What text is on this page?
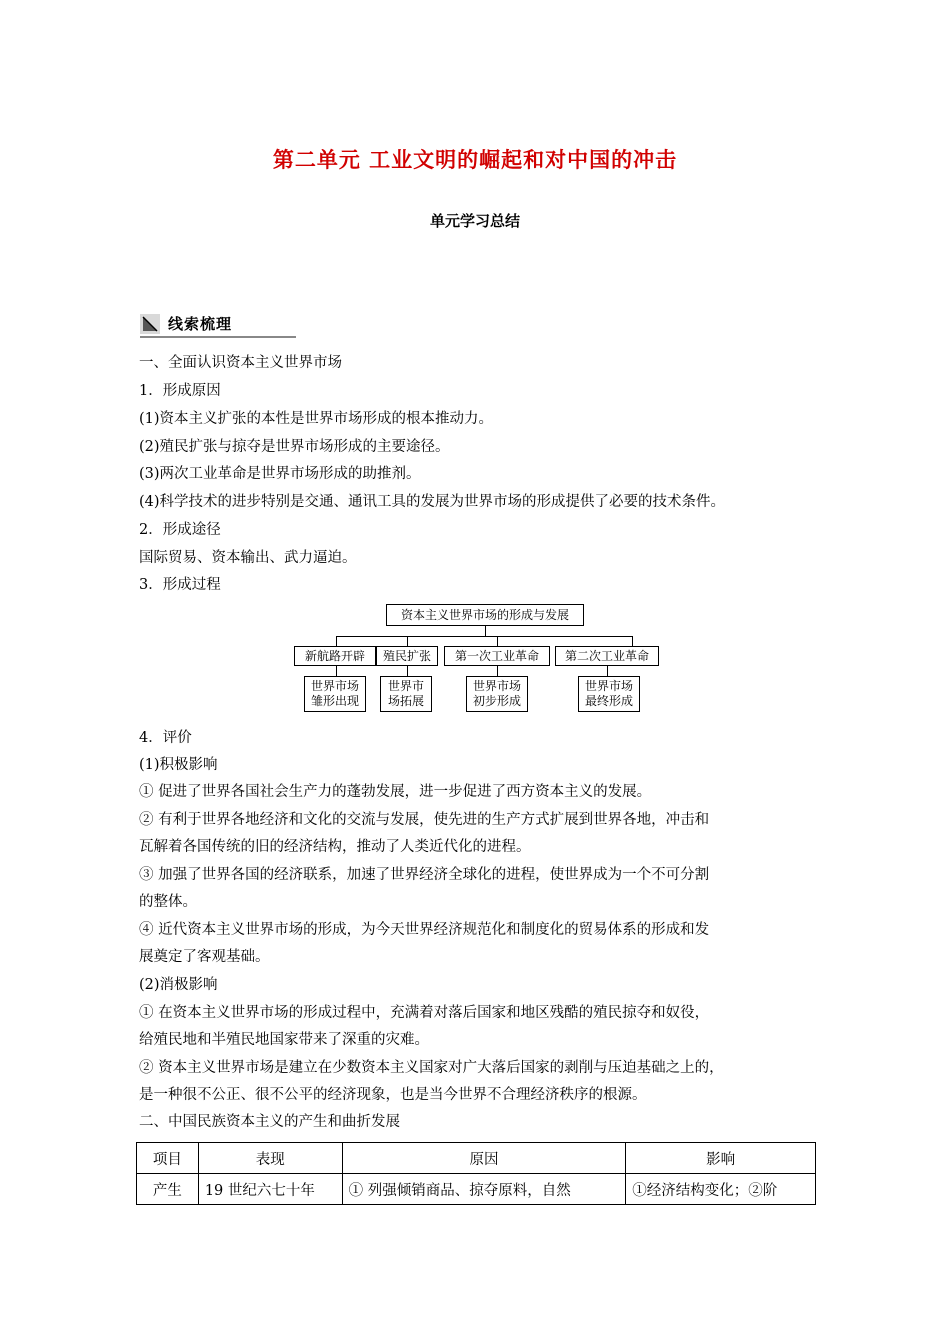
第二单元 工业文明的崛起和对中国的冲击
单元学习总结
线索梳理
一、全面认识资本主义世界市场
1．形成原因
(1)资本主义扩张的本性是世界市场形成的根本推动力。
(2)殖民扩张与掠夺是世界市场形成的主要途径。
(3)两次工业革命是世界市场形成的助推剂。
(4)科学技术的进步特别是交通、通讯工具的发展为世界市场的形成提供了必要的技术条件。
2．形成途径
国际贸易、资本输出、武力逼迫。
3．形成过程
资本主义世界市场的形成与发展
新航路开辟	殖民扩张	第一次工业革命	第二次工业革命
世界市场
雏形出现
世界市
场拓展
世界市场
初步形成
世界市场
最终形成
4．评价
(1)积极影响
① 促进了世界各国社会生产力的蓬勃发展，进一步促进了西方资本主义的发展。
② 有利于世界各地经济和文化的交流与发展，使先进的生产方式扩展到世界各地，冲击和
瓦解着各国传统的旧的经济结构，推动了人类近代化的进程。
③ 加强了世界各国的经济联系，加速了世界经济全球化的进程，使世界成为一个不可分割
的整体。
④ 近代资本主义世界市场的形成，为今天世界经济规范化和制度化的贸易体系的形成和发
展奠定了客观基础。
(2)消极影响
① 在资本主义世界市场的形成过程中，充满着对落后国家和地区残酷的殖民掠夺和奴役，
给殖民地和半殖民地国家带来了深重的灾难。
② 资本主义世界市场是建立在少数资本主义国家对广大落后国家的剥削与压迫基础之上的，
是一种很不公正、很不公平的经济现象，也是当今世界不合理经济秩序的根源。
二、中国民族资本主义的产生和曲折发展
项目	表现	原因	影响
产生	19 世纪六七十年	① 列强倾销商品、掠夺原料，自然	①经济结构变化；②阶
